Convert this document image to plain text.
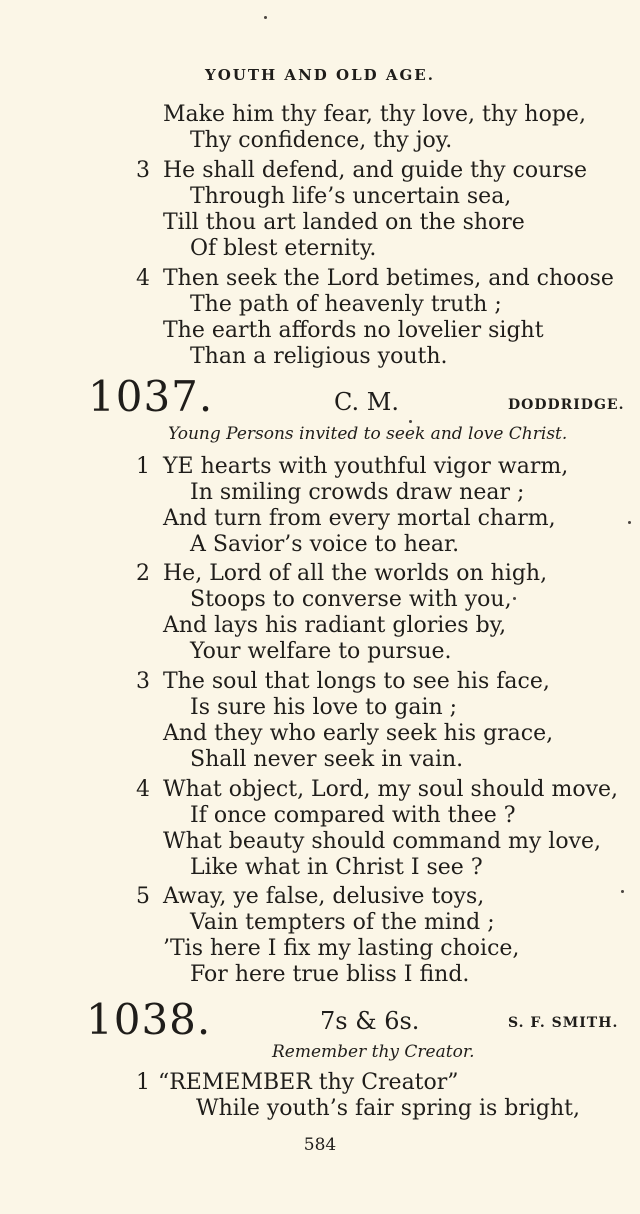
YOUTH AND OLD AGE.
Make him thy fear, thy love, thy hope,
Thy confidence, thy joy.
3 He shall defend, and guide thy course
Through life’s uncertain sea,
Till thou art landed on the shore
Of blest eternity.
4 Then seek the Lord betimes, and choose
The path of heavenly truth ;
The earth affords no lovelier sight
Than a religious youth.
1037.	C. M.	DODDRIDGE.
Young Persons invited to seek and love Christ.
1 YE hearts with youthful vigor warm,
In smiling crowds draw near ;
And turn from every mortal charm,
A Savior’s voice to hear.
2 He, Lord of all the worlds on high,
Stoops to converse with you,
And lays his radiant glories by,
Your welfare to pursue.
3 The soul that longs to see his face,
Is sure his love to gain ;
And they who early seek his grace,
Shall never seek in vain.
4 What object, Lord, my soul should move,
If once compared with thee ?
What beauty should command my love,
Like what in Christ I see ?
5 Away, ye false, delusive toys,
Vain tempters of the mind ;
’Tis here I fix my lasting choice,
For here true bliss I find.
1038.	7s & 6s.	S. F. SMITH.
Remember thy Creator.
1 “REMEMBER thy Creator”
While youth’s fair spring is bright,
584
